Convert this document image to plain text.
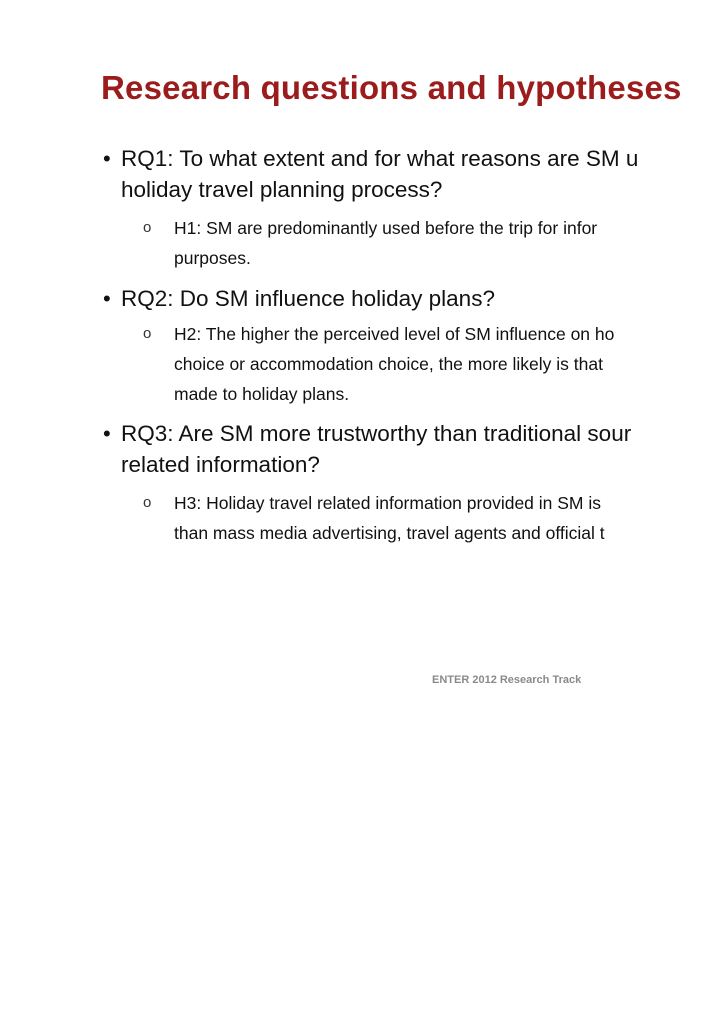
Research questions and hypotheses
• RQ1: To what extent and for what reasons are SM u
holiday travel planning process?
o H1: SM are predominantly used before the trip for infor
purposes.
• RQ2: Do SM influence holiday plans?
o H2: The higher the perceived level of SM influence on ho
choice or accommodation choice, the more likely is that
made to holiday plans.
• RQ3: Are SM more trustworthy than traditional sour
related information?
o H3: Holiday travel related information provided in SM is
than mass media advertising, travel agents and official t
ENTER 2012 Research Track
